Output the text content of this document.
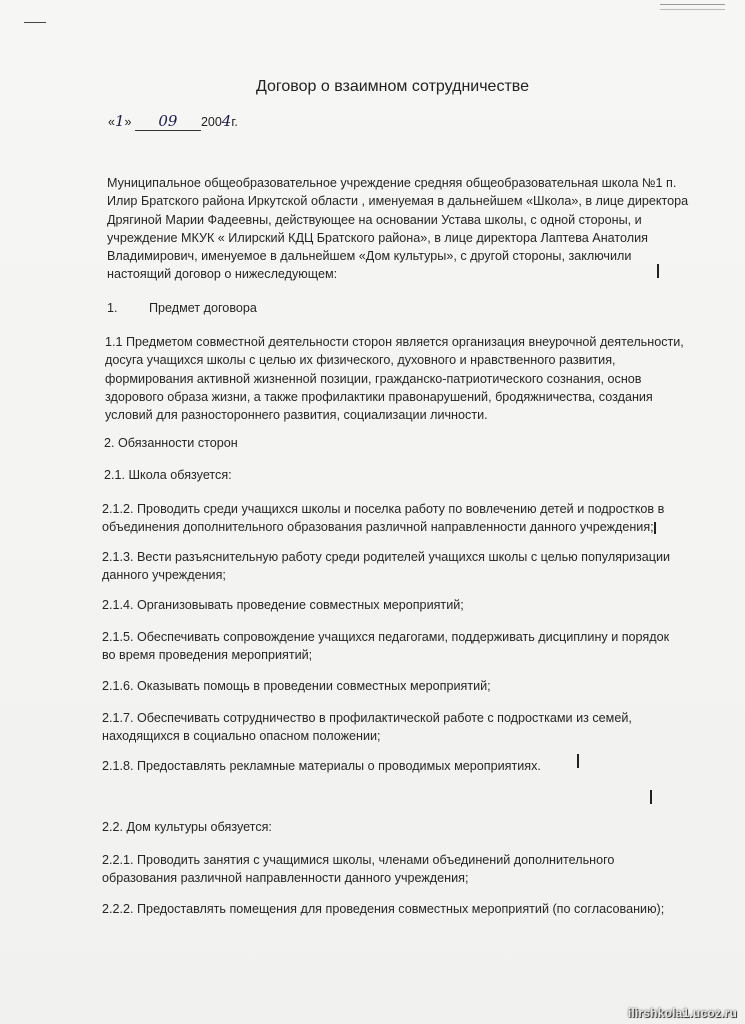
Договор о взаимном сотрудничестве
«1» 09 2004г.
Муниципальное общеобразовательное учреждение средняя общеобразовательная школа №1 п.
Илир Братского района Иркутской области , именуемая в дальнейшем «Школа», в лице директора
Дрягиной Марии Фадеевны, действующее на основании Устава школы, с одной стороны, и
учреждение МКУК « Илирский КДЦ Братского района», в лице директора Лаптева Анатолия
Владимирович, именуемое в дальнейшем «Дом культуры», с другой стороны, заключили
настоящий договор о нижеследующем:
1. Предмет договора
1.1 Предметом совместной деятельности сторон является организация внеурочной деятельности,
досуга учащихся школы с целью их физического, духовного и нравственного развития,
формирования активной жизненной позиции, гражданско-патриотического сознания, основ
здорового образа жизни, а также профилактики правонарушений, бродяжничества, создания
условий для разностороннего развития, социализации личности.
2. Обязанности сторон
2.1. Школа обязуется:
2.1.2. Проводить среди учащихся школы и поселка работу по вовлечению детей и подростков в
объединения дополнительного образования различной направленности данного учреждения;
2.1.3. Вести разъяснительную работу среди родителей учащихся школы с целью популяризации
данного учреждения;
2.1.4. Организовывать проведение совместных мероприятий;
2.1.5. Обеспечивать сопровождение учащихся педагогами, поддерживать дисциплину и порядок
во время проведения мероприятий;
2.1.6. Оказывать помощь в проведении совместных мероприятий;
2.1.7. Обеспечивать сотрудничество в профилактической работе с подростками из семей,
находящихся в социально опасном положении;
2.1.8. Предоставлять рекламные материалы о проводимых мероприятиях.
2.2. Дом культуры обязуется:
2.2.1. Проводить занятия с учащимися школы, членами объединений дополнительного
образования различной направленности данного учреждения;
2.2.2. Предоставлять помещения для проведения совместных мероприятий (по согласованию);
ilirshkola1.ucoz.ru
